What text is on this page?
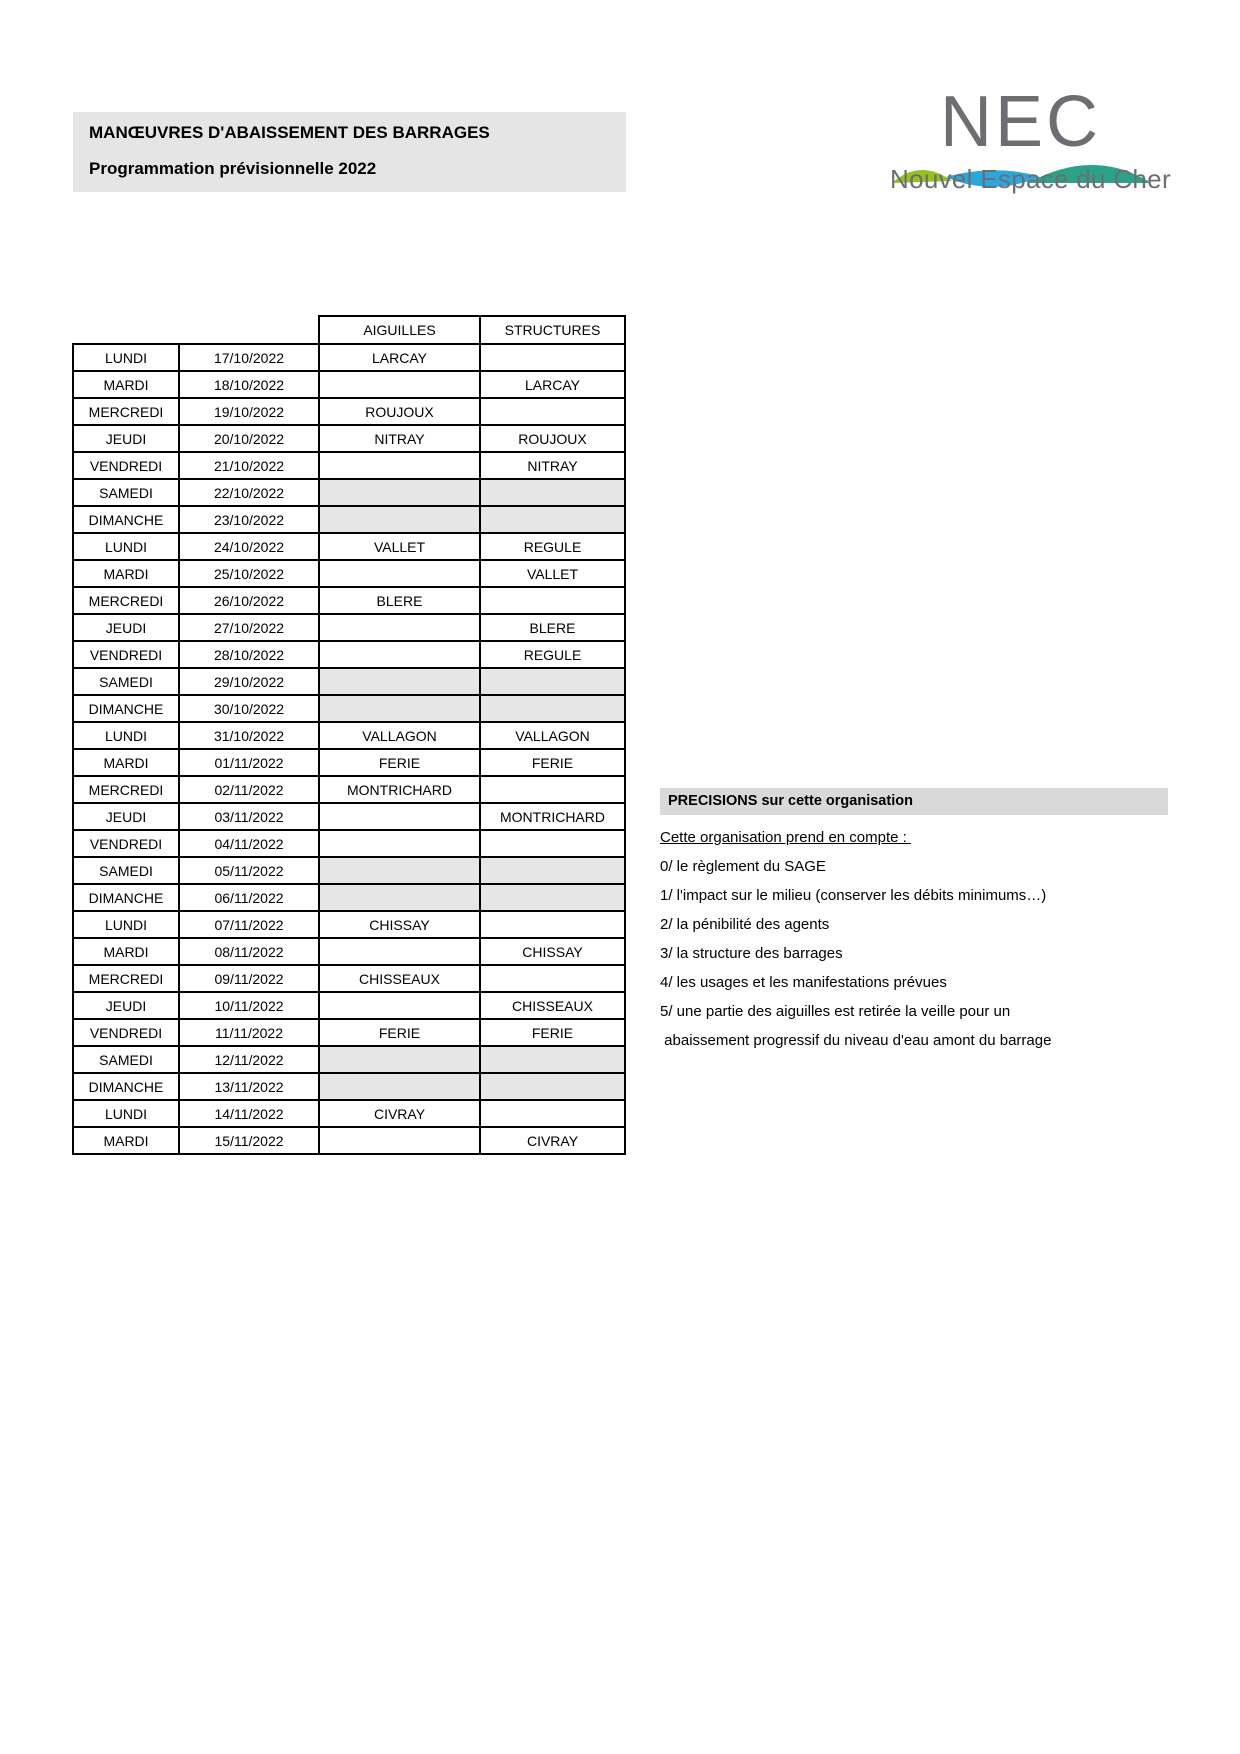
MANŒUVRES D'ABAISSEMENT DES BARRAGES
Programmation prévisionnelle 2022
NEC
Nouvel Espace du Cher
		AIGUILLES	STRUCTURES
LUNDI	17/10/2022	LARCAY	
MARDI	18/10/2022		LARCAY
MERCREDI	19/10/2022	ROUJOUX	
JEUDI	20/10/2022	NITRAY	ROUJOUX
VENDREDI	21/10/2022		NITRAY
SAMEDI	22/10/2022		
DIMANCHE	23/10/2022		
LUNDI	24/10/2022	VALLET	REGULE
MARDI	25/10/2022		VALLET
MERCREDI	26/10/2022	BLERE	
JEUDI	27/10/2022		BLERE
VENDREDI	28/10/2022		REGULE
SAMEDI	29/10/2022		
DIMANCHE	30/10/2022		
LUNDI	31/10/2022	VALLAGON	VALLAGON
MARDI	01/11/2022	FERIE	FERIE
MERCREDI	02/11/2022	MONTRICHARD	
JEUDI	03/11/2022		MONTRICHARD
VENDREDI	04/11/2022		
SAMEDI	05/11/2022		
DIMANCHE	06/11/2022		
LUNDI	07/11/2022	CHISSAY	
MARDI	08/11/2022		CHISSAY
MERCREDI	09/11/2022	CHISSEAUX	
JEUDI	10/11/2022		CHISSEAUX
VENDREDI	11/11/2022	FERIE	FERIE
SAMEDI	12/11/2022		
DIMANCHE	13/11/2022		
LUNDI	14/11/2022	CIVRAY	
MARDI	15/11/2022		CIVRAY
PRECISIONS sur cette organisation
Cette organisation prend en compte :
0/ le règlement du SAGE
1/ l'impact sur le milieu (conserver les débits minimums…)
2/ la pénibilité des agents
3/ la structure des barrages
4/ les usages et les manifestations prévues
5/ une partie des aiguilles est retirée la veille pour un
abaissement progressif du niveau d'eau amont du barrage
